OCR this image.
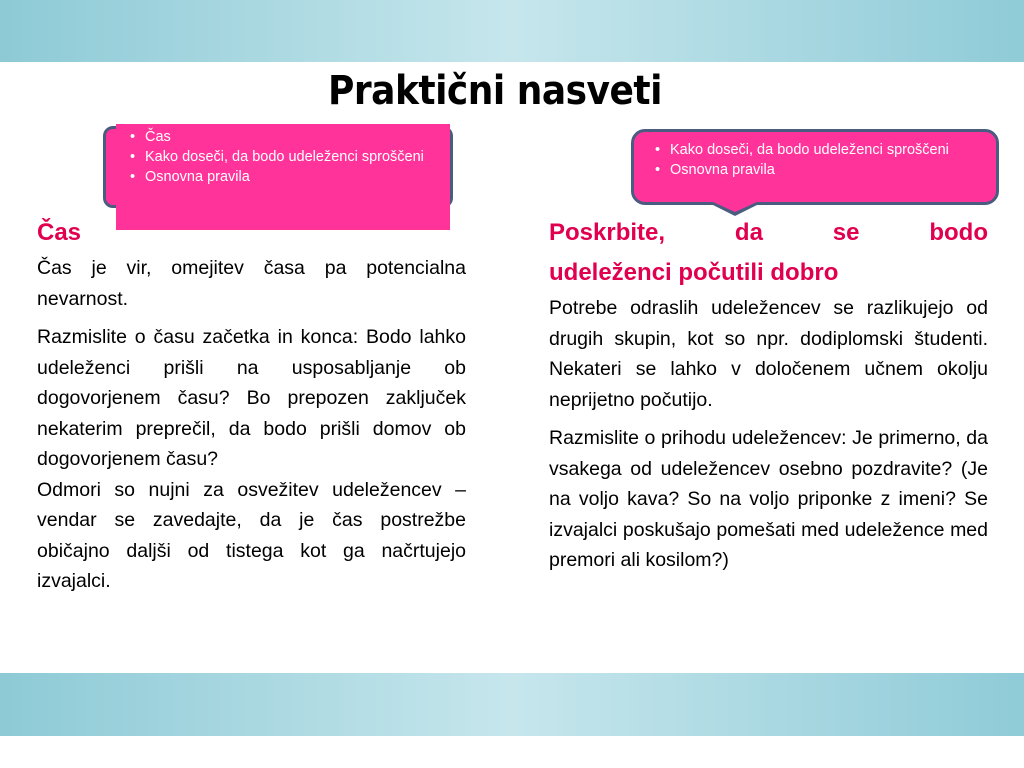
Praktični nasveti
• Čas
• Kako doseči, da bodo udeleženci sproščeni
• Osnovna pravila
• Kako doseči, da bodo udeleženci sproščeni
• Osnovna pravila
Čas

Čas je vir, omejitev časa pa potencialna nevarnost.

Razmislite o času začetka in konca: Bodo lahko udeleženci prišli na usposabljanje ob dogovorjenem času? Bo prepozen zaključek nekaterim preprečil, da bodo prišli domov ob dogovorjenem času?

Odmori so nujni za osvežitev udeležencev – vendar se zavedajte, da je čas postrežbe običajno daljši od tistega kot ga načrtujejo izvajalci.

Poskrbite, da se bodo
udeleženci počutili dobro

Potrebe odraslih udeležencev se razlikujejo od drugih skupin, kot so npr. dodiplomski študenti. Nekateri se lahko v določenem učnem okolju neprijetno počutijo.

Razmislite o prihodu udeležencev: Je primerno, da vsakega od udeležencev osebno pozdravite? (Je na voljo kava? So na voljo priponke z imeni? Se izvajalci poskušajo pomešati med udeležence med premori ali kosilom?)
